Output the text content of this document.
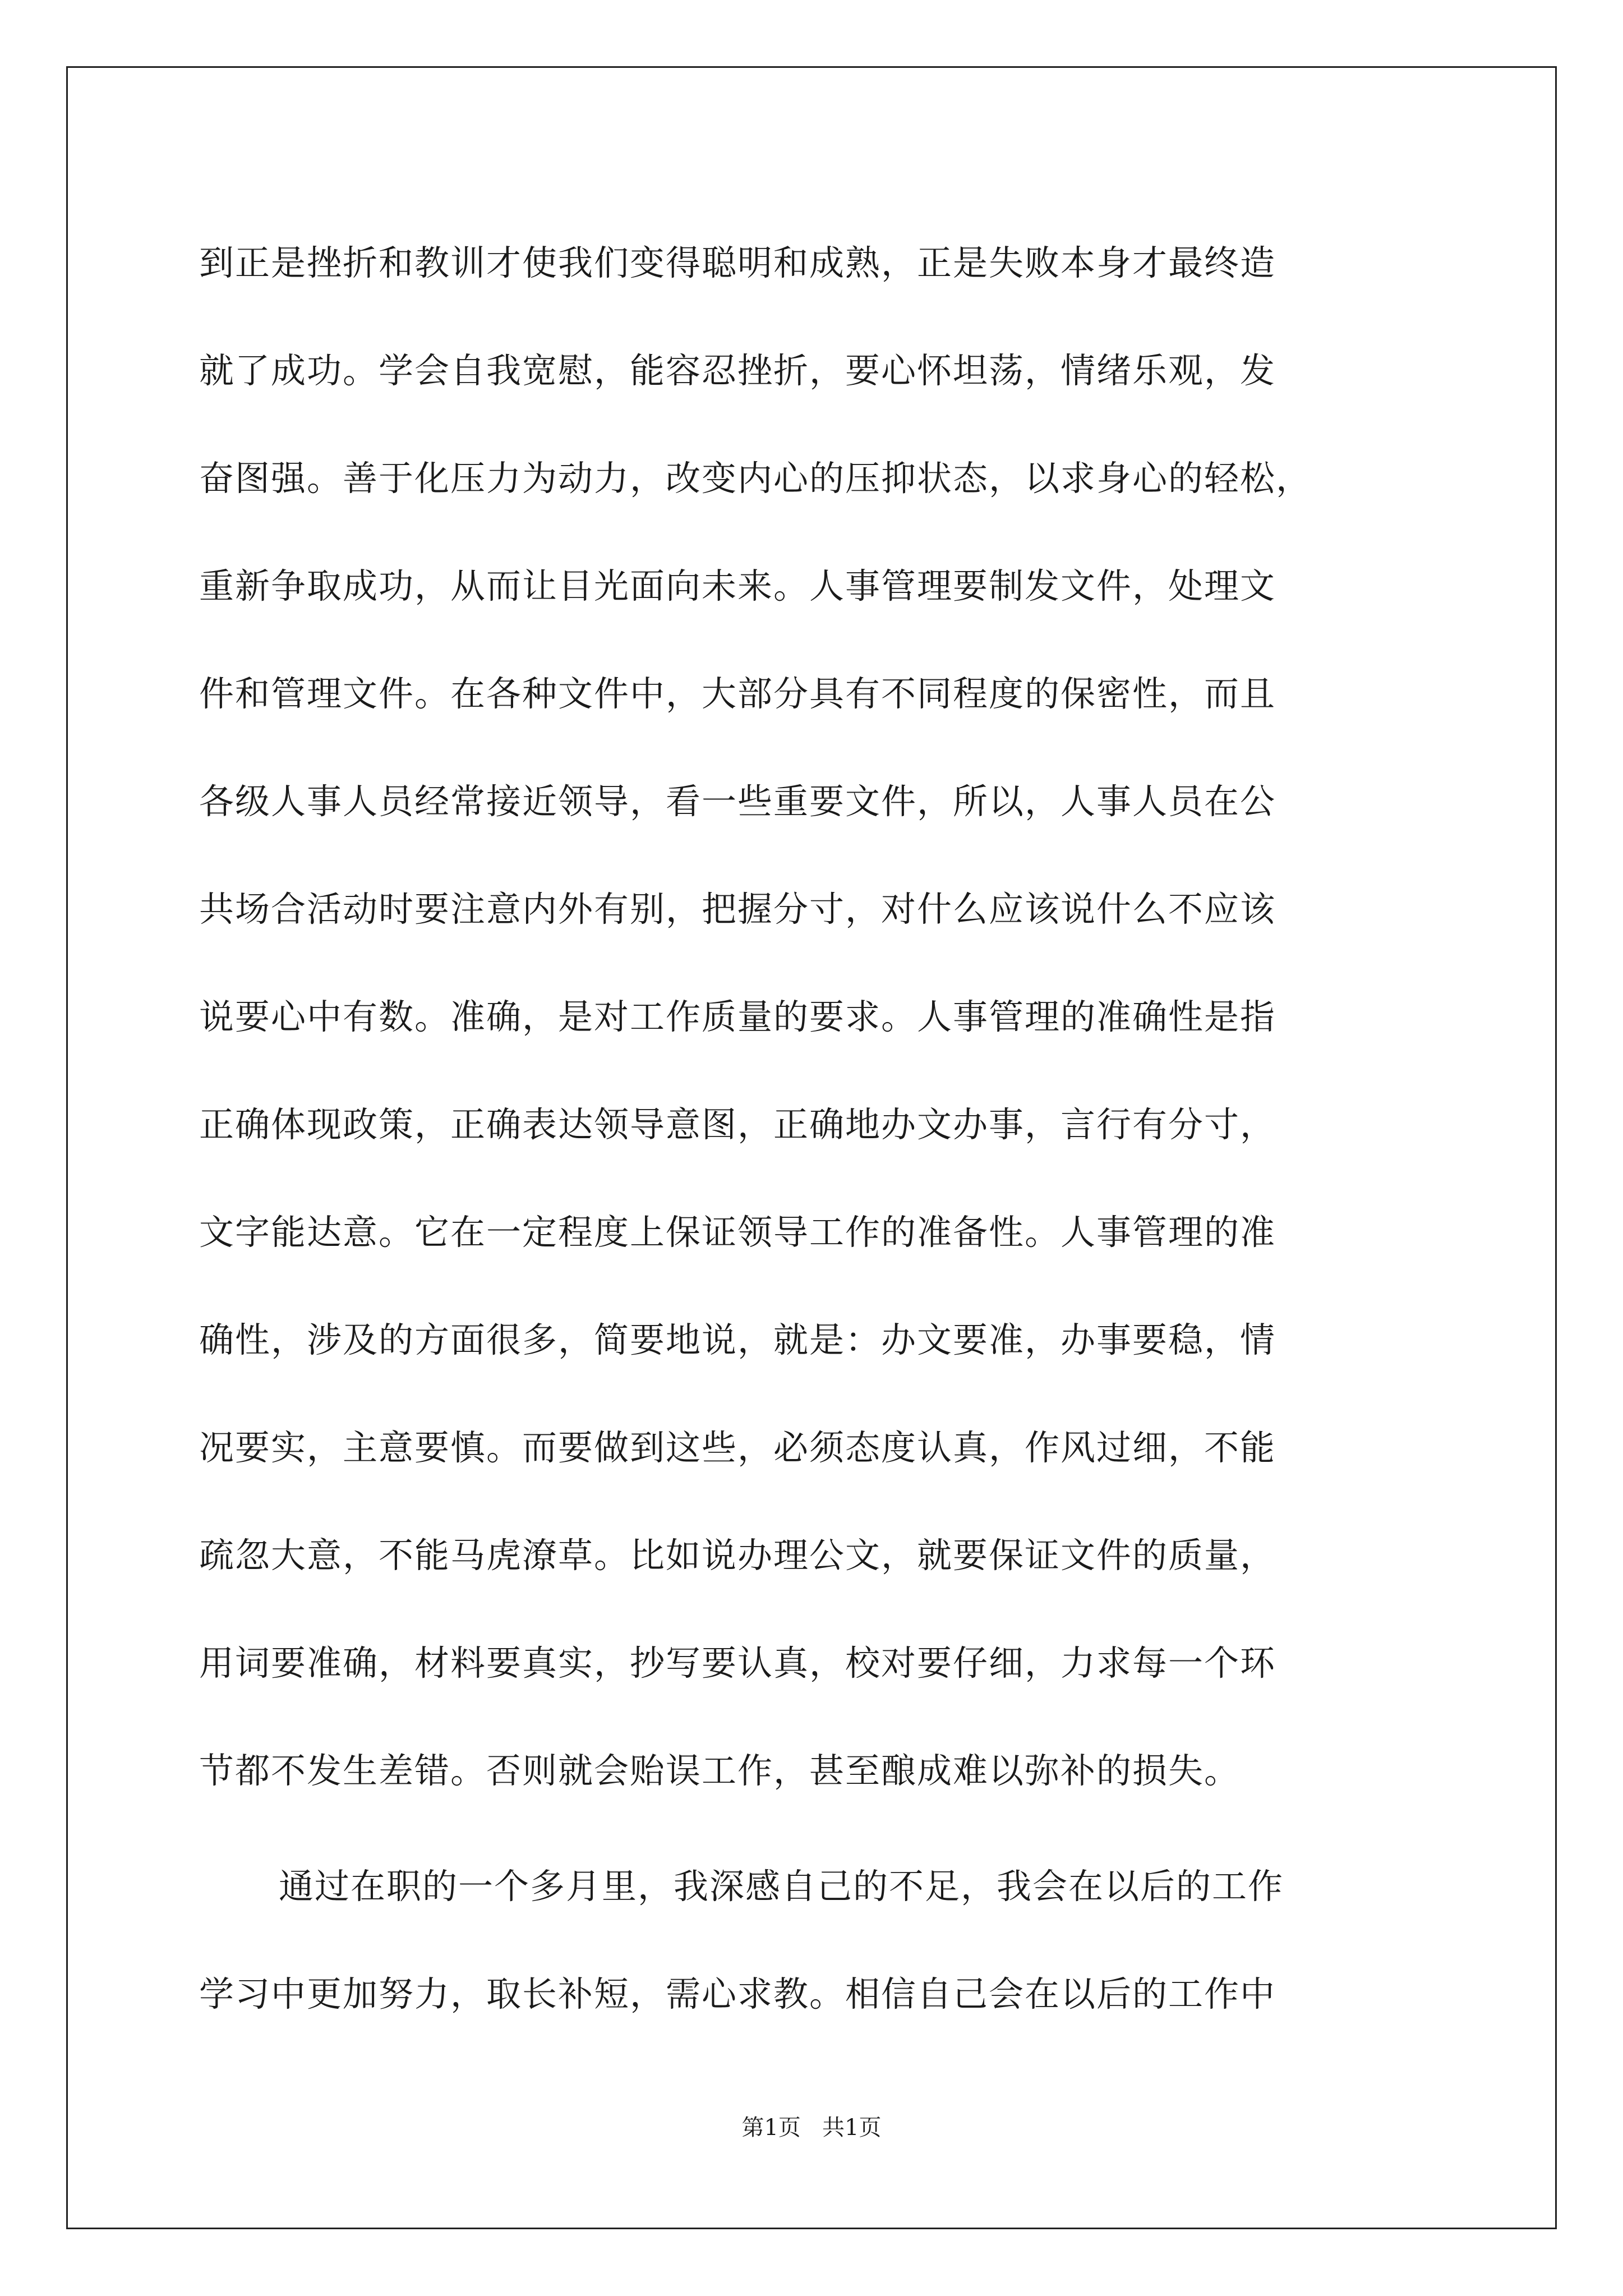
到正是挫折和教训才使我们变得聪明和成熟，正是失败本身才最终造
就了成功。学会自我宽慰，能容忍挫折，要心怀坦荡，情绪乐观，发
奋图强。善于化压力为动力，改变内心的压抑状态，以求身心的轻松，
重新争取成功，从而让目光面向未来。人事管理要制发文件，处理文
件和管理文件。在各种文件中，大部分具有不同程度的保密性，而且
各级人事人员经常接近领导，看一些重要文件，所以，人事人员在公
共场合活动时要注意内外有别，把握分寸，对什么应该说什么不应该
说要心中有数。准确，是对工作质量的要求。人事管理的准确性是指
正确体现政策，正确表达领导意图，正确地办文办事，言行有分寸，
文字能达意。它在一定程度上保证领导工作的准备性。人事管理的准
确性，涉及的方面很多，简要地说，就是：办文要准，办事要稳，情
况要实，主意要慎。而要做到这些，必须态度认真，作风过细，不能
疏忽大意，不能马虎潦草。比如说办理公文，就要保证文件的质量，
用词要准确，材料要真实，抄写要认真，校对要仔细，力求每一个环
节都不发生差错。否则就会贻误工作，甚至酿成难以弥补的损失。
通过在职的一个多月里，我深感自己的不足，我会在以后的工作
学习中更加努力，取长补短，需心求教。相信自己会在以后的工作中
第1页   共1页
